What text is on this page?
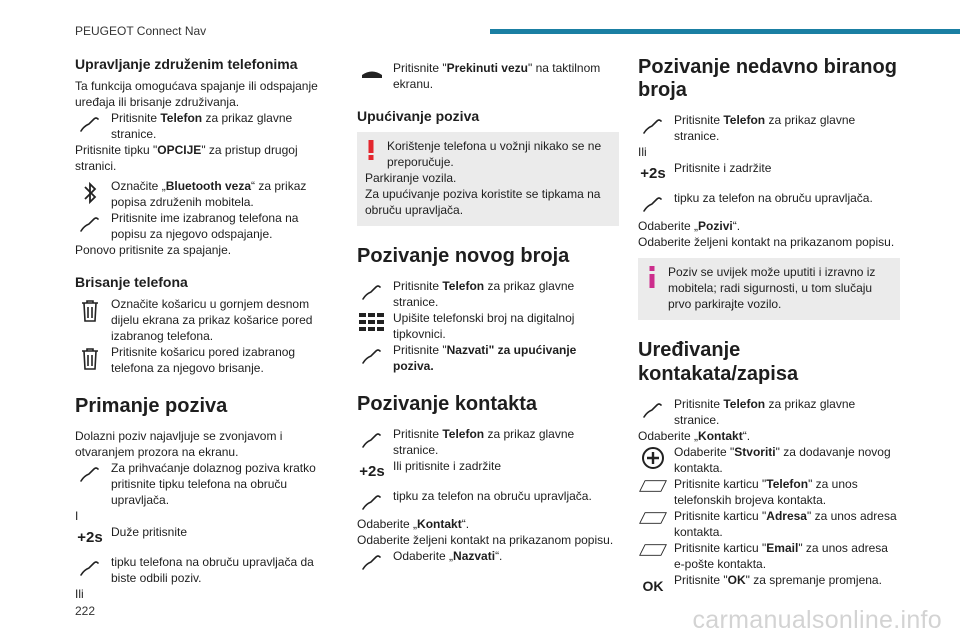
PEUGEOT Connect Nav
Upravljanje združenim telefonima

Ta funkcija omogućava spajanje ili odspajanje uređaja ili brisanje združivanja.

Pritisnite Telefon za prikaz glavne stranice.

Pritisnite tipku "OPCIJE" za pristup drugoj stranici.

Označite „Bluetooth veza“ za prikaz popisa združenih mobitela.
Pritisnite ime izabranog telefona na popisu za njegovo odspajanje.

Ponovo pritisnite za spajanje.

Brisanje telefona
Označite košaricu u gornjem desnom dijelu ekrana za prikaz košarice pored izabranog telefona.
Pritisnite košaricu pored izabranog telefona za njegovo brisanje.
Primanje poziva

Dolazni poziv najavljuje se zvonjavom i otvaranjem prozora na ekranu.

Za prihvaćanje dolaznog poziva kratko pritisnite tipku telefona na obruču upravljača.

I

+2s Duže pritisnite
tipku telefona na obruču upravljača da biste odbili poziv.

Ili

Pritisnite "Prekinuti vezu" na taktilnom ekranu.
Upućivanje poziva
Korištenje telefona u vožnji nikako se ne preporučuje.
Parkiranje vozila.
Za upućivanje poziva koristite se tipkama na obruču upravljača.
Pozivanje novog broja
Pritisnite Telefon za prikaz glavne stranice.
Upišite telefonski broj na digitalnoj tipkovnici.
Pritisnite "Nazvati" za upućivanje poziva.
Pozivanje kontakta
Pritisnite Telefon za prikaz glavne stranice.
+2s Ili pritisnite i zadržite
tipku za telefon na obruču upravljača.

Odaberite „Kontakt“.

Odaberite željeni kontakt na prikazanom popisu.

Odaberite „Nazvati“.
Pozivanje nedavno biranog broja
Pritisnite Telefon za prikaz glavne stranice.

Ili

+2s Pritisnite i zadržite
tipku za telefon na obruču upravljača.

Odaberite „Pozivi“.

Odaberite željeni kontakt na prikazanom popisu.

Poziv se uvijek može uputiti i izravno iz mobitela; radi sigurnosti, u tom slučaju prvo parkirajte vozilo.
Uređivanje kontakata/zapisa
Pritisnite Telefon za prikaz glavne stranice.

Odaberite „Kontakt“.

Odaberite "Stvoriti" za dodavanje novog kontakta.
Pritisnite karticu "Telefon" za unos telefonskih brojeva kontakta.
Pritisnite karticu "Adresa" za unos adresa kontakta.
Pritisnite karticu "Email" za unos adresa e-pošte kontakta.
OK Pritisnite "OK" za spremanje promjena.
222	carmanualsonline.info
